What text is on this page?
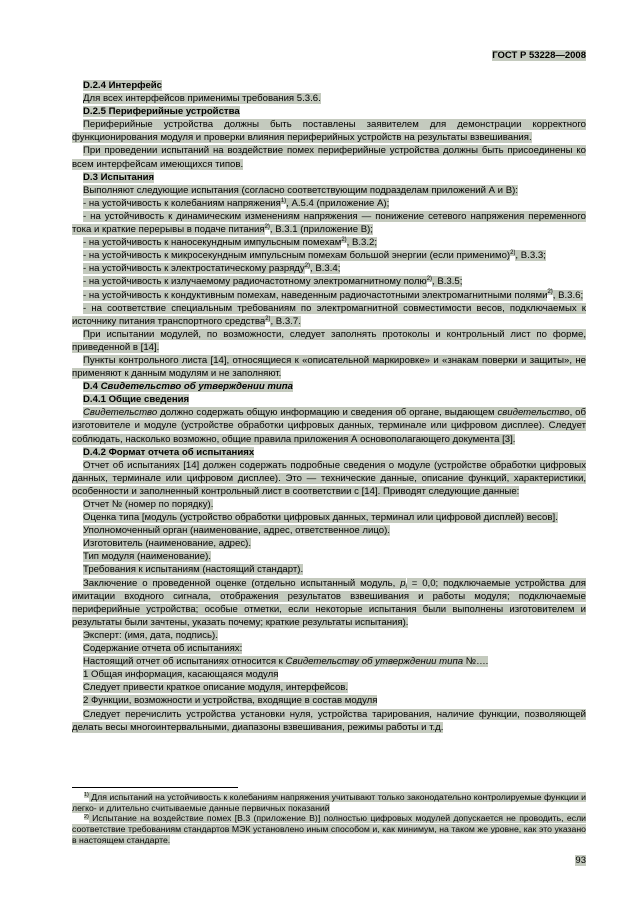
ГОСТ Р 53228—2008

D.2.4 Интерфейс

Для всех интерфейсов применимы требования 5.3.6.

D.2.5 Периферийные устройства

Периферийные устройства должны быть поставлены заявителем для демонстрации корректного функционирования модуля и проверки влияния периферийных устройств на результаты взвешивания.

При проведении испытаний на воздействие помех периферийные устройства должны быть присоединены ко всем интерфейсам имеющихся типов.

D.3 Испытания

Выполняют следующие испытания (согласно соответствующим подразделам приложений А и В):

- на устойчивость к колебаниям напряжения$^{1)}$, А.5.4 (приложение А);

- на устойчивость к динамическим изменениям напряжения — понижение сетевого напряжения переменного тока и краткие перерывы в подаче питания$^{2)}$, В.3.1 (приложение В);

- на устойчивость к наносекундным импульсным помехам$^{2)}$, В.3.2;

- на устойчивость к микросекундным импульсным помехам большой энергии (если применимо)$^{2)}$, В.3.3;

- на устойчивость к электростатическому разряду$^{2)}$, В.3.4;

- на устойчивость к излучаемому радиочастотному электромагнитному полю$^{2)}$, В.3.5;

- на устойчивость к кондуктивным помехам, наведенным радиочастотными электромагнитными полями$^{2)}$, В.3.6;

- на соответствие специальным требованиям по электромагнитной совместимости весов, подключаемых к источнику питания транспортного средства$^{2)}$, В.3.7.

При испытании модулей, по возможности, следует заполнять протоколы и контрольный лист по форме, приведенной в [14].

Пункты контрольного листа [14], относящиеся к «описательной маркировке» и «знакам поверки и защиты», не применяют к данным модулям и не заполняют.

D.4 Свидетельство об утверждении типа

D.4.1 Общие сведения

Свидетельство должно содержать общую информацию и сведения об органе, выдающем свидетельство, об изготовителе и модуле (устройстве обработки цифровых данных, терминале или цифровом дисплее). Следует соблюдать, насколько возможно, общие правила приложения А основополагающего документа [3].

D.4.2 Формат отчета об испытаниях

Отчет об испытаниях [14] должен содержать подробные сведения о модуле (устройстве обработки цифровых данных, терминале или цифровом дисплее). Это — технические данные, описание функций, характеристики, особенности и заполненный контрольный лист в соответствии с [14]. Приводят следующие данные:

Отчет № (номер по порядку).

Оценка типа [модуль (устройство обработки цифровых данных, терминал или цифровой дисплей) весов].

Уполномоченный орган (наименование, адрес, ответственное лицо).

Изготовитель (наименование, адрес).

Тип модуля (наименование).

Требования к испытаниям (настоящий стандарт).

Заключение о проведенной оценке (отдельно испытанный модуль, p = 0,0; подключаемые устройства для имитации входного сигнала, отображения результатов взвешивания и работы модуля; подключаемые периферийные устройства; особые отметки, если некоторые испытания были выполнены изготовителем и результаты были зачтены, указать почему; краткие результаты испытания).

Эксперт: (имя, дата, подпись).

Содержание отчета об испытаниях:

Настоящий отчет об испытаниях относится к Свидетельству об утверждении типа №….

1 Общая информация, касающаяся модуля

Следует привести краткое описание модуля, интерфейсов.

2 Функции, возможности и устройства, входящие в состав модуля

Следует перечислить устройства установки нуля, устройства тарирования, наличие функции, позволяющей делать весы многоинтервальными, диапазоны взвешивания, режимы работы и т.д.

$^{1)}$ Для испытаний на устойчивость к колебаниям напряжения учитывают только законодательно контролируемые функции и легко- и длительно считываемые данные первичных показаний

$^{2)}$ Испытание на воздействие помех [В.3 (приложение В)] полностью цифровых модулей допускается не проводить, если соответствие требованиям стандартов МЭК установлено иным способом и, как минимум, на таком же уровне, как это указано в настоящем стандарте.

93
